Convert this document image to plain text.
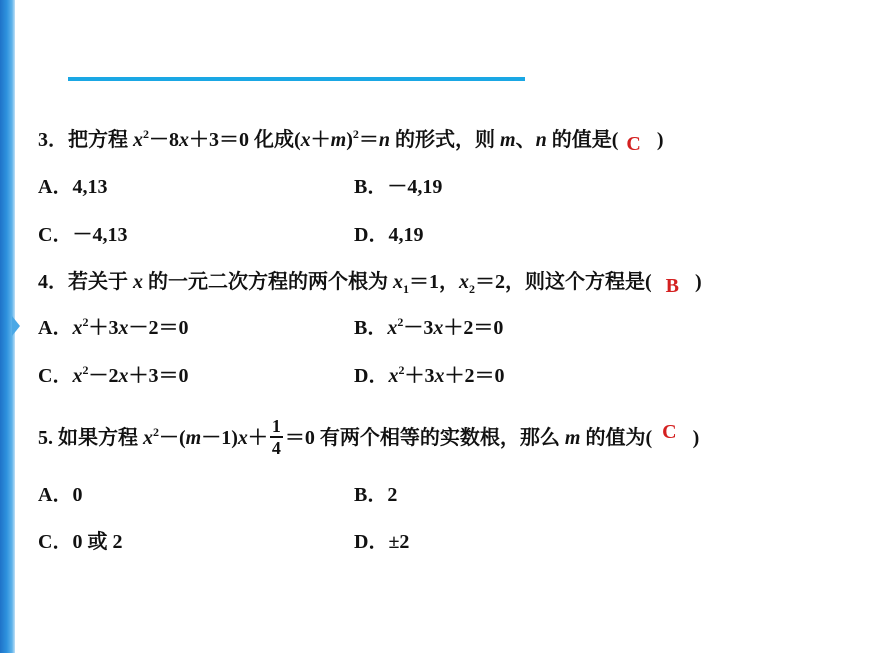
3．把方程 $x^2-8x+3=0$ 化成$(x+m)^2=n$ 的形式，则 m、n 的值是( C )
A．4,13	B．－4,19
C．－4,13	D．4,19
4．若关于 x 的一元二次方程的两个根为 $x_1=1$，$x_2=2$，则这个方程是( B )
A．$x^2+3x-2=0$	B．$x^2-3x+2=0$
C．$x^2-2x+3=0$	D．$x^2+3x+2=0$
5. 如果方程 $x^2-(m-1)x+ \frac{1}{4} =0$ 有两个相等的实数根，那么 m 的值为( C )
A．0	B．2
C．0 或 2	D．±2
